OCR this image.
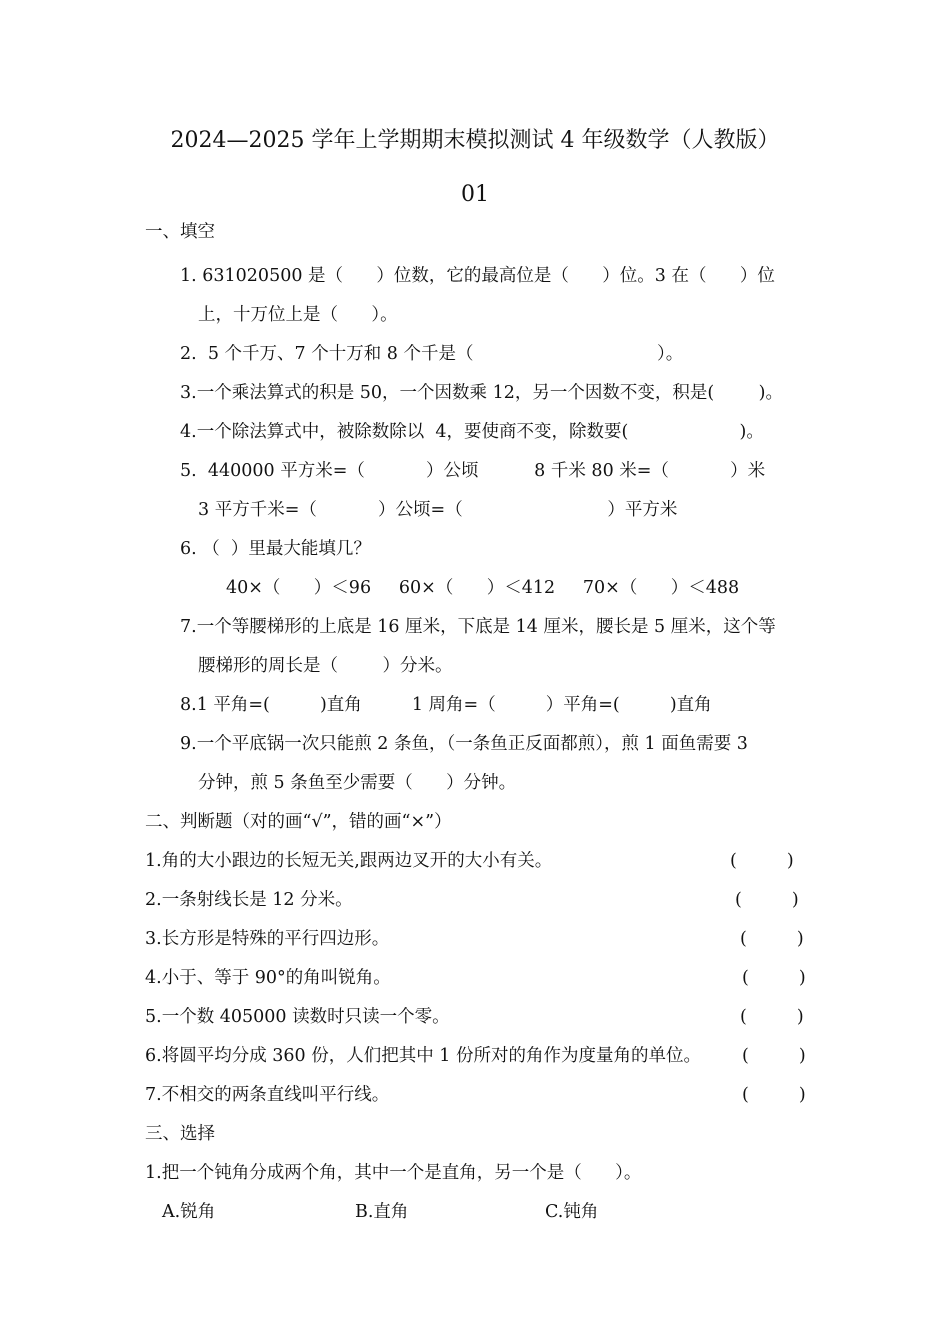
2024—2025 学年上学期期末模拟测试 4 年级数学（人教版）
01
一、填空
1. 631020500 是（      ）位数，它的最高位是（      ）位。3 在（      ）位
上，十万位上是（      ）。
2.  5 个千万、7 个十万和 8 个千是（                                 ）。
3.一个乘法算式的积是 50，一个因数乘 12，另一个因数不变，积是(        )。
4.一个除法算式中，被除数除以  4，要使商不变，除数要(                    )。
5.  440000 平方米=（           ）公顷          8 千米 80 米=（           ）米
3 平方千米=（           ）公顷=（                          ）平方米
6. （  ）里最大能填几？
40×（      ）＜96     60×（      ）＜412     70×（      ）＜488
7.一个等腰梯形的上底是 16 厘米，下底是 14 厘米，腰长是 5 厘米，这个等
腰梯形的周长是（        ）分米。
8.1 平角=(         )直角         1 周角=（         ）平角=(         )直角
9.一个平底锅一次只能煎 2 条鱼，（一条鱼正反面都煎），煎 1 面鱼需要 3
分钟，煎 5 条鱼至少需要（      ）分钟。
二、判断题（对的画“√”，错的画“×”）
1.角的大小跟边的长短无关,跟两边叉开的大小有关。	(         )
2.一条射线长是 12 分米。	(         )
3.长方形是特殊的平行四边形。	(         )
4.小于、等于 90°的角叫锐角。	(         )
5.一个数 405000 读数时只读一个零。	(         )
6.将圆平均分成 360 份，人们把其中 1 份所对的角作为度量角的单位。 (         )
7.不相交的两条直线叫平行线。	(         )
三、选择
1.把一个钝角分成两个角，其中一个是直角，另一个是（      ）。
A.锐角	B.直角	C.钝角
